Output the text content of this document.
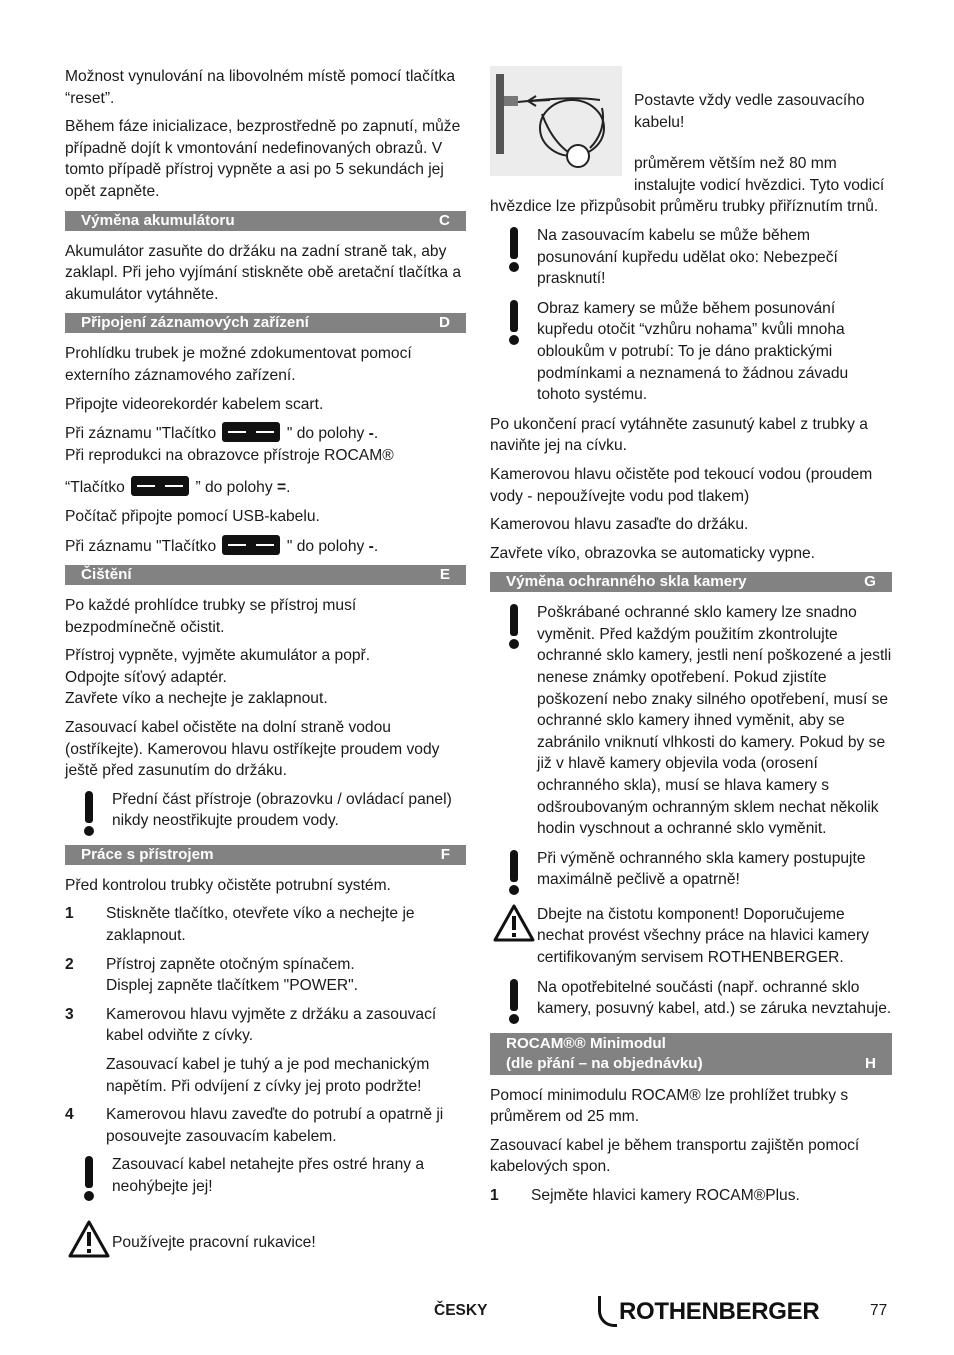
Možnost vynulování na libovolném místě pomocí tlačítka “reset”.

Během fáze inicializace, bezprostředně po zapnutí, může případně dojít k vmontování nedefinovaných obrazů. V tomto případě přístroj vypněte a asi po 5 sekundách jej opět zapněte.

Výměna akumulátoru	C

Akumulátor zasuňte do držáku na zadní straně tak, aby zaklapl. Při jeho vyjímání stiskněte obě aretační tlačítka a akumulátor vytáhněte.

Připojení záznamových zařízení	D

Prohlídku trubek je možné zdokumentovat pomocí externího záznamového zařízení.

Připojte videorekordér kabelem scart.

Při záznamu "Tlačítko	" do polohy -.

Při reprodukci na obrazovce přístroje ROCAM®

“Tlačítko	” do polohy =.

Počítač připojte pomocí USB-kabelu.

Při záznamu "Tlačítko	" do polohy -.

Čištění	E

Po každé prohlídce trubky se přístroj musí bezpodmínečně očistit.

Přístroj vypněte, vyjměte akumulátor a popř.
Odpojte síťový adaptér.
Zavřete víko a nechejte je zaklapnout.

Zasouvací kabel očistěte na dolní straně vodou (ostříkejte). Kamerovou hlavu ostříkejte proudem vody ještě před zasunutím do držáku.

Přední část přístroje (obrazovku / ovládací panel) nikdy neostřikujte proudem vody.
Práce s přístrojem	F

Před kontrolou trubky očistěte potrubní systém.

1	Stiskněte tlačítko, otevřete víko a nechejte je zaklapnout.
2	Přístroj zapněte otočným spínačem.
Displej zapněte tlačítkem "POWER".
3	Kamerovou hlavu vyjměte z držáku a zasouvací kabel odviňte z cívky.

Zasouvací kabel je tuhý a je pod mechanickým napětím. Při odvíjení z cívky jej proto podržte!

4	Kamerovou hlavu zaveďte do potrubí a opatrně ji posouvejte zasouvacím kabelem.
Zasouvací kabel netahejte přes ostré hrany a neohýbejte jej!
Používejte pracovní rukavice!

Postavte vždy vedle zasouvacího kabelu!

průměrem větším než 80 mm instalujte vodicí hvězdici. Tyto vodicí hvězdice lze přizpůsobit průměru trubky přiříznutím trnů.

Na zasouvacím kabelu se může během posunování kupředu udělat oko: Nebezpečí prasknutí!
Obraz kamery se může během posunování kupředu otočit “vzhůru nohama” kvůli mnoha obloukům v potrubí: To je dáno praktickými podmínkami a neznamená to žádnou závadu tohoto systému.

Po ukončení prací vytáhněte zasunutý kabel z trubky a naviňte jej na cívku.

Kamerovou hlavu očistěte pod tekoucí vodou (proudem vody - nepoužívejte vodu pod tlakem)

Kamerovou hlavu zasaďte do držáku.

Zavřete víko, obrazovka se automaticky vypne.

Výměna ochranného skla kamery	G
Poškrábané ochranné sklo kamery lze snadno vyměnit. Před každým použitím zkontrolujte ochranné sklo kamery, jestli není poškozené a jestli nenese známky opotřebení. Pokud zjistíte poškození nebo znaky silného opotřebení, musí se ochranné sklo kamery ihned vyměnit, aby se zabránilo vniknutí vlhkosti do kamery. Pokud by se již v hlavě kamery objevila voda (orosení ochranného skla), musí se hlava kamery s odšroubovaným ochranným sklem nechat několik hodin vyschnout a ochranné sklo vyměnit.
Při výměně ochranného skla kamery postupujte maximálně pečlivě a opatrně!
Dbejte na čistotu komponent! Doporučujeme nechat provést všechny práce na hlavici kamery certifikovaným servisem ROTHENBERGER.
Na opotřebitelné součásti (např. ochranné sklo kamery, posuvný kabel, atd.) se záruka nevztahuje.
ROCAM®® Minimodul
(dle přání – na objednávku)	H

Pomocí minimodulu ROCAM® lze prohlížet trubky s průměrem od 25 mm.

Zasouvací kabel je během transportu zajištěn pomocí kabelových spon.

1	Sejměte hlavici kamery ROCAM®Plus.
ČESKY	ROTHENBERGER	77
